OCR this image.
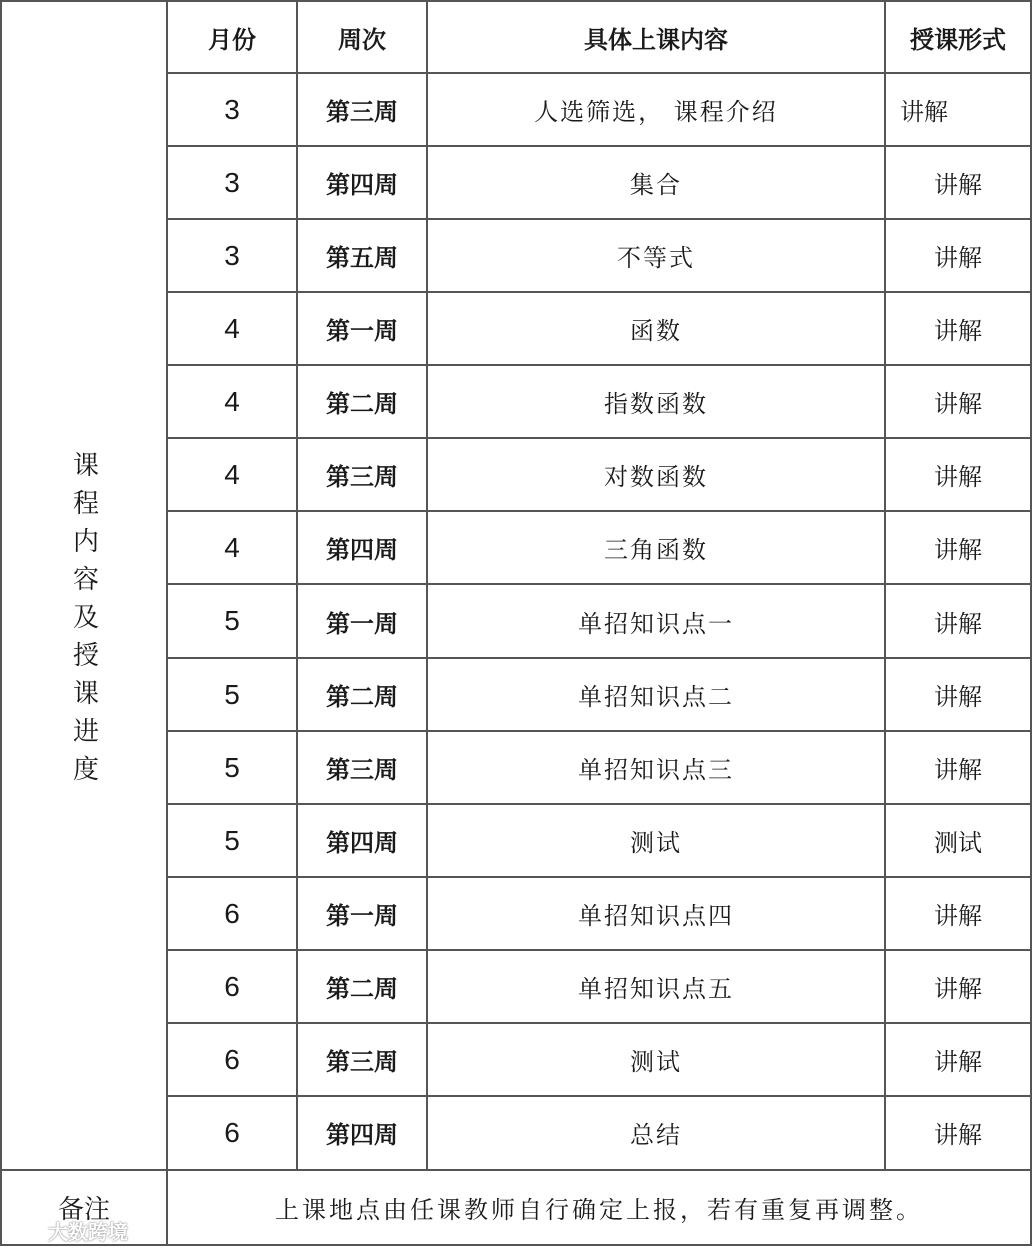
月份	周次	具体上课内容	授课形式
课程内容及授课进度
3	第三周	人选筛选， 课程介绍	讲解
3	第四周	集合	讲解
3	第五周	不等式	讲解
4	第一周	函数	讲解
4	第二周	指数函数	讲解
4	第三周	对数函数	讲解
4	第四周	三角函数	讲解
5	第一周	单招知识点一	讲解
5	第二周	单招知识点二	讲解
5	第三周	单招知识点三	讲解
5	第四周	测试	测试
6	第一周	单招知识点四	讲解
6	第二周	单招知识点五	讲解
6	第三周	测试	讲解
6	第四周	总结	讲解
备注	上课地点由任课教师自行确定上报，若有重复再调整。
大数跨境
